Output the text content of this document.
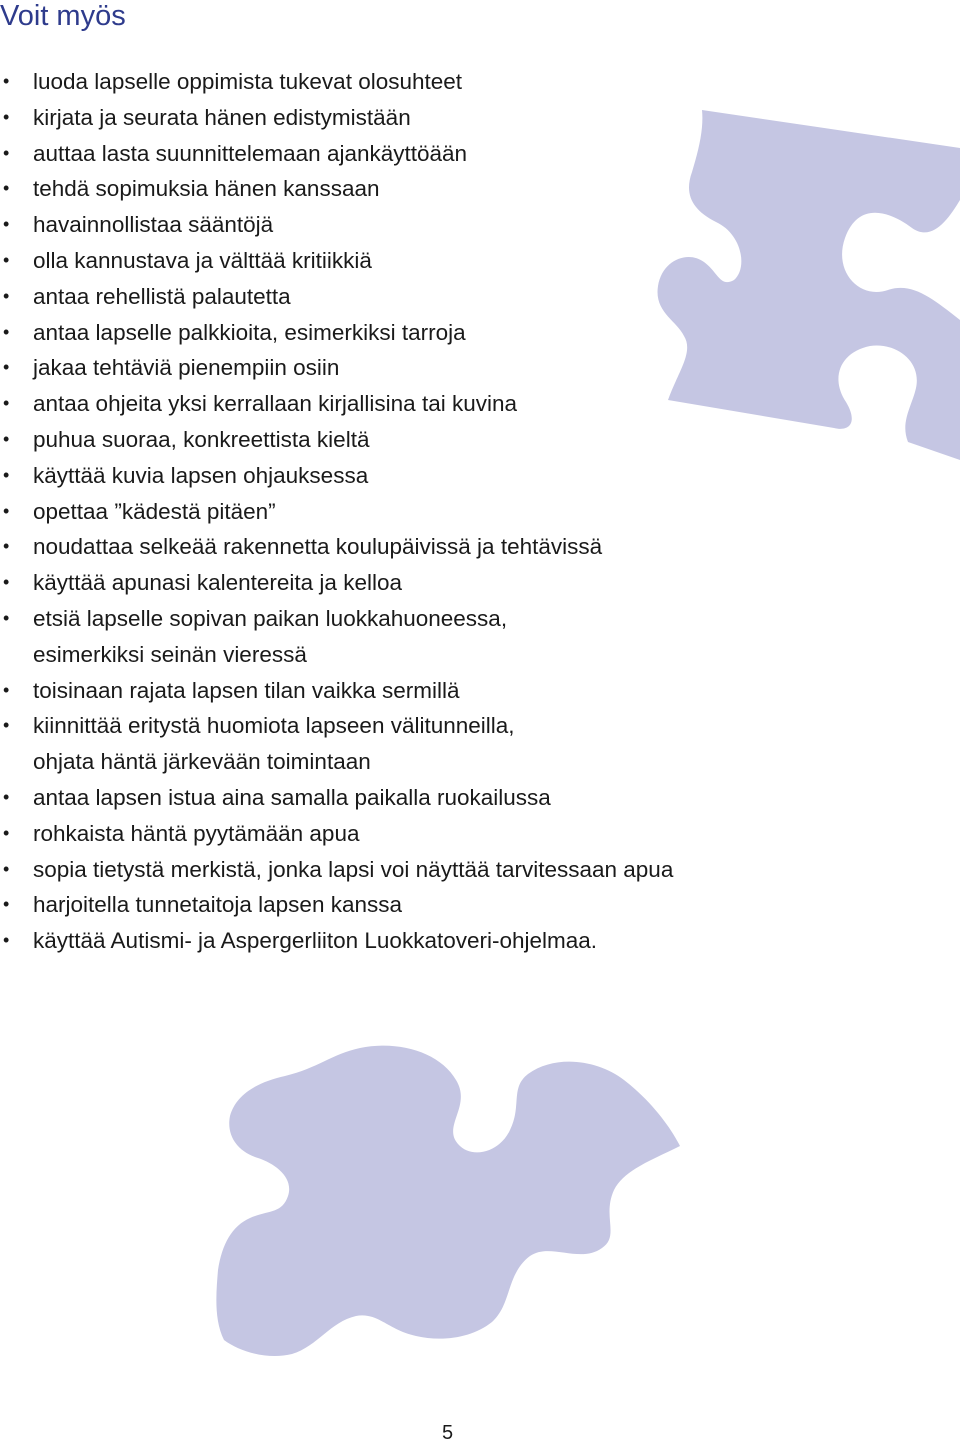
Voit myös
• luoda lapselle oppimista tukevat olosuhteet
• kirjata ja seurata hänen edistymistään
• auttaa lasta suunnittelemaan ajankäyttöään
• tehdä sopimuksia hänen kanssaan
• havainnollistaa sääntöjä
• olla kannustava ja välttää kritiikkiä
• antaa rehellistä palautetta
• antaa lapselle palkkioita, esimerkiksi tarroja
• jakaa tehtäviä pienempiin osiin
• antaa ohjeita yksi kerrallaan kirjallisina tai kuvina
• puhua suoraa, konkreettista kieltä
• käyttää kuvia lapsen ohjauksessa
• opettaa ”kädestä pitäen”
• noudattaa selkeää rakennetta koulupäivissä ja tehtävissä
• käyttää apunasi kalentereita ja kelloa
• etsiä lapselle sopivan paikan luokkahuoneessa,
esimerkiksi seinän vieressä
• toisinaan rajata lapsen tilan vaikka sermillä
• kiinnittää eritystä huomiota lapseen välitunneilla,
ohjata häntä järkevään toimintaan
• antaa lapsen istua aina samalla paikalla ruokailussa
• rohkaista häntä pyytämään apua
• sopia tietystä merkistä, jonka lapsi voi näyttää tarvitessaan apua
• harjoitella tunnetaitoja lapsen kanssa
• käyttää Autismi- ja Aspergerliiton Luokkatoveri-ohjelmaa.
5
